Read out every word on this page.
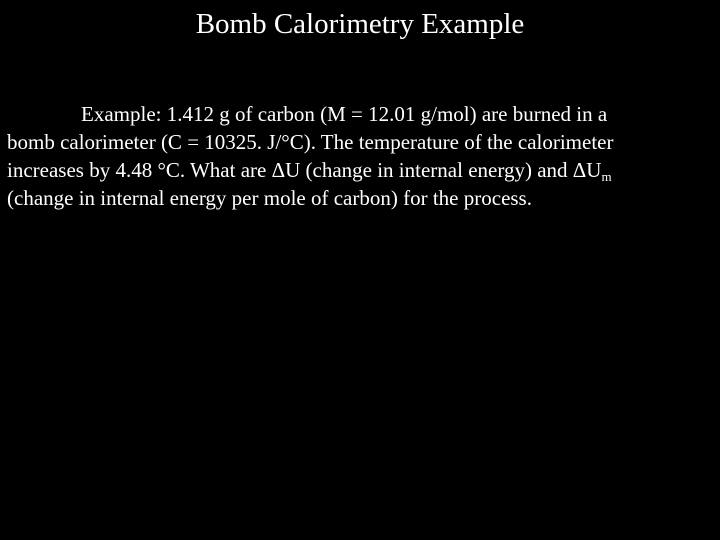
Bomb Calorimetry Example
Example: 1.412 g of carbon (M = 12.01 g/mol) are burned in a
bomb calorimeter (C = 10325. J/°C). The temperature of the calorimeter
increases by 4.48 °C. What are ΔU (change in internal energy) and $\Delta U_m$
(change in internal energy per mole of carbon) for the process.
